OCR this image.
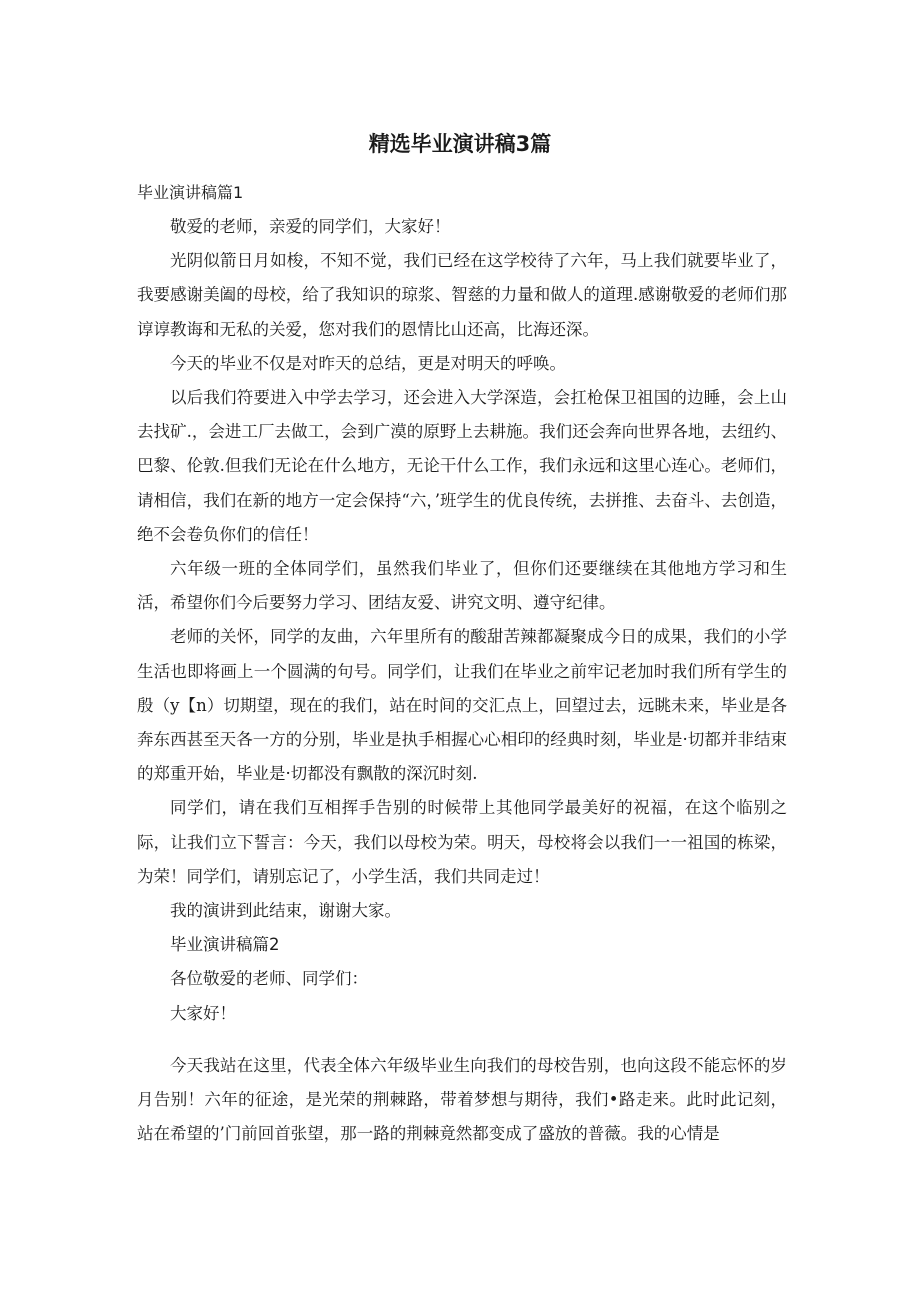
精选毕业演讲稿3篇
毕业演讲稿篇1

敬爱的老师，亲爱的同学们，大家好！

光阴似箭日月如梭，不知不觉，我们已经在这学校待了六年，马上我们就要毕业了，我要感谢美阖的母校，给了我知识的琼浆、智慈的力量和做人的道理.感谢敬爱的老师们那谆谆教诲和无私的关爱，您对我们的恩情比山还高，比海还深。

今天的毕业不仅是对昨天的总结，更是对明天的呼唤。

以后我们符要进入中学去学习，还会进入大学深造，会扛枪保卫祖国的边睡，会上山去找矿.，会进工厂去做工，会到广漠的原野上去耕施。我们还会奔向世界各地，去纽约、巴黎、伦敦.但我们无论在什么地方，无论干什么工作，我们永远和这里心连心。老师们，请相信，我们在新的地方一定会保持“六，’班学生的优良传统，去拼推、去奋斗、去创造，绝不会卷负你们的信任！

六年级一班的全体同学们，虽然我们毕业了，但你们还要继续在其他地方学习和生活，希望你们今后要努力学习、团结友爱、讲究文明、遵守纪律。

老师的关怀，同学的友曲，六年里所有的酸甜苦辣都凝聚成今日的成果，我们的小学生活也即将画上一个圆满的句号。同学们，让我们在毕业之前牢记老加时我们所有学生的殷（y【n）切期望，现在的我们，站在时间的交汇点上，回望过去，远眺未来，毕业是各奔东西甚至天各一方的分别，毕业是执手相握心心相印的经典时刻，毕业是·切都并非结束的郑重开始，毕业是·切都没有飘散的深沉时刻.

同学们，请在我们互相挥手告别的时候带上其他同学最美好的祝福，在这个临别之际，让我们立下誓言：今天，我们以母校为荣。明天，母校将会以我们一一祖国的栋梁，为荣！同学们，请别忘记了，小学生活，我们共同走过！

我的演讲到此结束，谢谢大家。

毕业演讲稿篇2

各位敬爱的老师、同学们：

大家好！

今天我站在这里，代表全体六年级毕业生向我们的母校告别，也向这段不能忘怀的岁月告别！六年的征途，是光荣的荆棘路，带着梦想与期待，我们•路走来。此时此记刻，站在希望的’门前回首张望，那一路的荆棘竟然都变成了盛放的普薇。我的心情是
